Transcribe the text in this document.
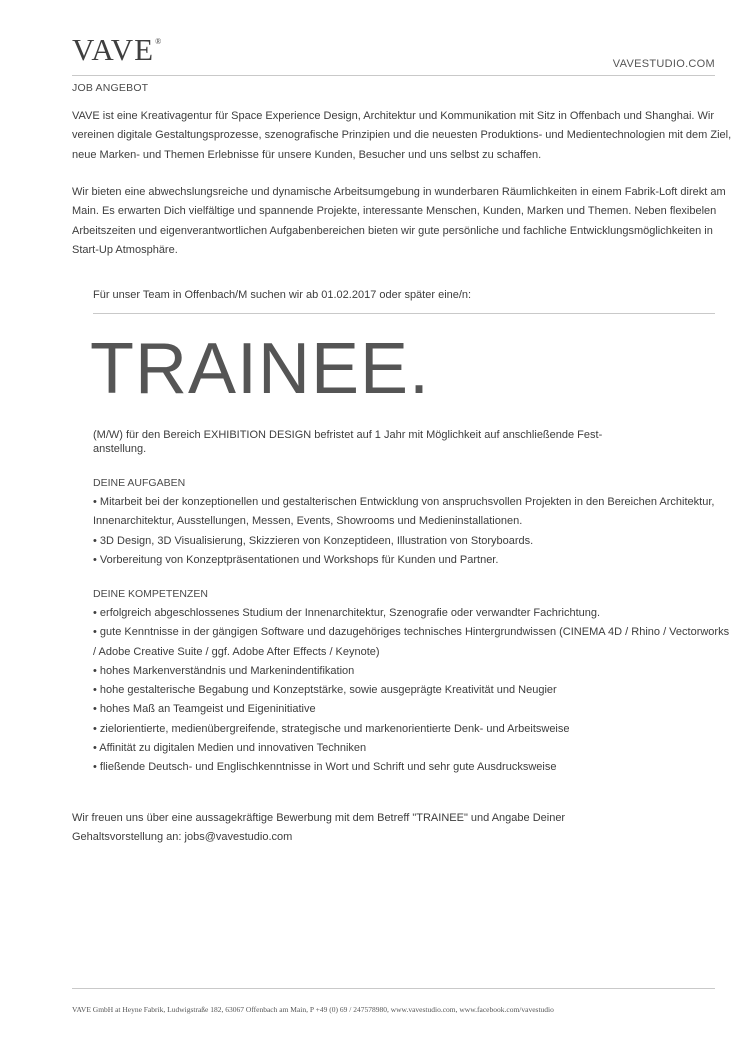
VAVE®
VAVESTUDIO.COM
JOB ANGEBOT
VAVE ist eine Kreativagentur für Space Experience Design, Architektur und Kommunikation mit Sitz in Offenbach und Shanghai. Wir vereinen digitale Gestaltungsprozesse, szenografische Prinzipien und die neuesten Produktions- und Medientechnologien mit dem Ziel, neue Marken- und Themen Erlebnisse für unsere Kunden, Besucher und uns selbst zu schaffen.
Wir bieten eine abwechslungsreiche und dynamische Arbeitsumgebung in wunderbaren Räumlichkeiten in einem Fabrik-Loft direkt am Main. Es erwarten Dich vielfältige und spannende Projekte, interessante Menschen, Kunden, Marken und Themen. Neben flexibelen Arbeitszeiten und eigenverantwortlichen Aufgabenbereichen bieten wir gute persönliche und fachliche Entwicklungsmöglichkeiten in Start-Up Atmosphäre.
Für unser Team in Offenbach/M suchen wir ab 01.02.2017 oder später eine/n:
TRAINEE.
(M/W) für den Bereich EXHIBITION DESIGN befristet auf 1 Jahr mit Möglichkeit auf anschließende Fest-anstellung.
DEINE AUFGABEN
• Mitarbeit bei der konzeptionellen und gestalterischen Entwicklung von anspruchsvollen Projekten in den Bereichen Architektur, Innenarchitektur, Ausstellungen, Messen, Events, Showrooms und Medieninstallationen.
• 3D Design, 3D Visualisierung, Skizzieren von Konzeptideen, Illustration von Storyboards.
• Vorbereitung von Konzeptpräsentationen und Workshops für Kunden und Partner.
DEINE KOMPETENZEN
• erfolgreich abgeschlossenes Studium der Innenarchitektur, Szenografie oder verwandter Fachrichtung.
• gute Kenntnisse in der gängigen Software und dazugehöriges technisches Hintergrundwissen (CINEMA 4D / Rhino / Vectorworks / Adobe Creative Suite / ggf. Adobe After Effects / Keynote)
• hohes Markenverständnis und Markenindentifikation
• hohe gestalterische Begabung und Konzeptstärke, sowie ausgeprägte Kreativität und Neugier
• hohes Maß an Teamgeist und Eigeninitiative
• zielorientierte, medienübergreifende, strategische und markenorientierte Denk- und Arbeitsweise
• Affinität zu digitalen Medien und innovativen Techniken
• fließende Deutsch- und Englischkenntnisse in Wort und Schrift und sehr gute Ausdrucksweise
Wir freuen uns über eine aussagekräftige Bewerbung mit dem Betreff "TRAINEE" und Angabe Deiner Gehaltsvorstellung an: jobs@vavestudio.com
VAVE GmbH at Heyne Fabrik, Ludwigstraße 182, 63067 Offenbach am Main, P +49 (0) 69 / 247578980, www.vavestudio.com, www.facebook.com/vavestudio
